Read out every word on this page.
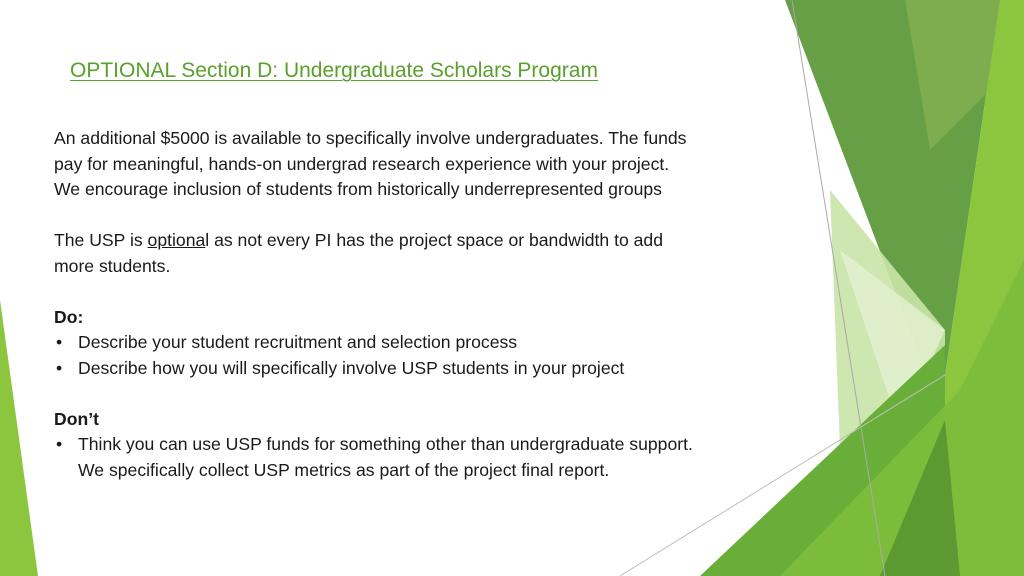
OPTIONAL Section D: Undergraduate Scholars Program

An additional $5000 is available to specifically involve undergraduates. The funds

pay for meaningful, hands-on undergrad research experience with your project.

We encourage inclusion of students from historically underrepresented groups

The USP is optional as not every PI has the project space or bandwidth to add

more students.

Do:

• Describe your student recruitment and selection process

• Describe how you will specifically involve USP students in your project

Don’t

• Think you can use USP funds for something other than undergraduate support.

We specifically collect USP metrics as part of the project final report.
